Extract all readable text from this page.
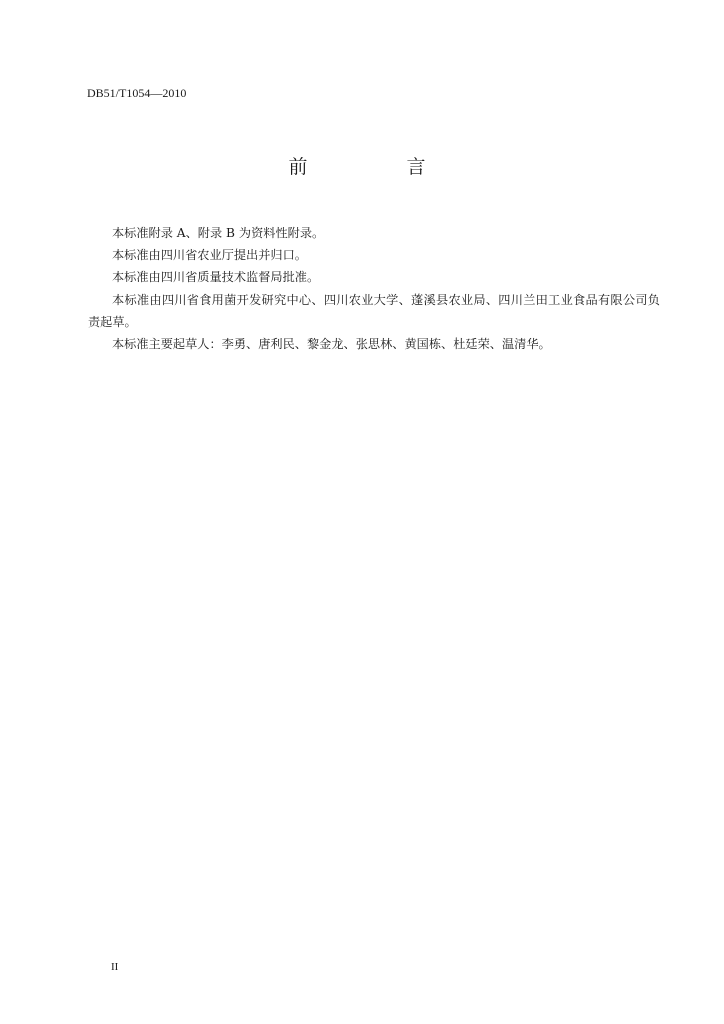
DB51/T1054—2010
前　言

本标准附录 A、附录 B 为资料性附录。

本标准由四川省农业厅提出并归口。

本标准由四川省质量技术监督局批准。

本标准由四川省食用菌开发研究中心、四川农业大学、蓬溪县农业局、四川兰田工业食品有限公司负责起草。

本标准主要起草人：李勇、唐利民、黎金龙、张思林、黄国栋、杜廷荣、温清华。

II
